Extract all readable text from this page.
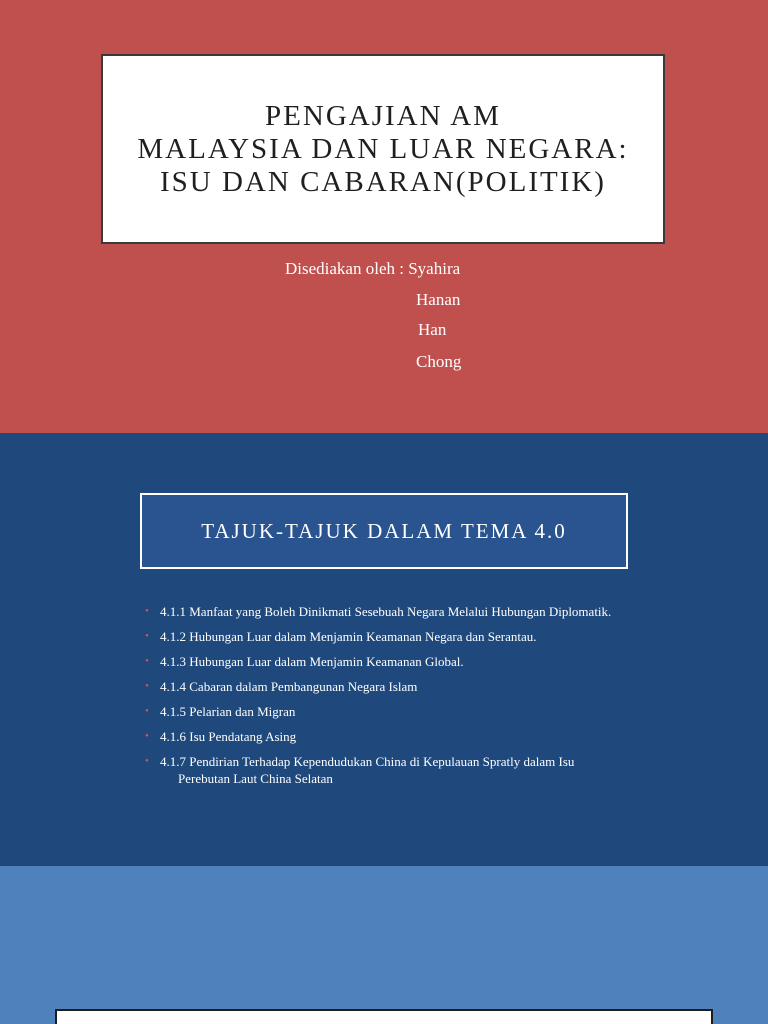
PENGAJIAN AM
MALAYSIA DAN LUAR NEGARA:
ISU DAN CABARAN(POLITIK)
Disediakan oleh : Syahira
Hanan
Han
Chong
TAJUK-TAJUK DALAM TEMA 4.0
• 4.1.1 Manfaat yang Boleh Dinikmati Sesebuah Negara Melalui Hubungan Diplomatik.
• 4.1.2 Hubungan Luar dalam Menjamin Keamanan Negara dan Serantau.
• 4.1.3 Hubungan Luar dalam Menjamin Keamanan Global.
• 4.1.4 Cabaran dalam Pembangunan Negara Islam
• 4.1.5 Pelarian dan Migran
• 4.1.6 Isu Pendatang Asing
• 4.1.7 Pendirian Terhadap Kependudukan China di Kepulauan Spratly dalam Isu
Perebutan Laut China Selatan
